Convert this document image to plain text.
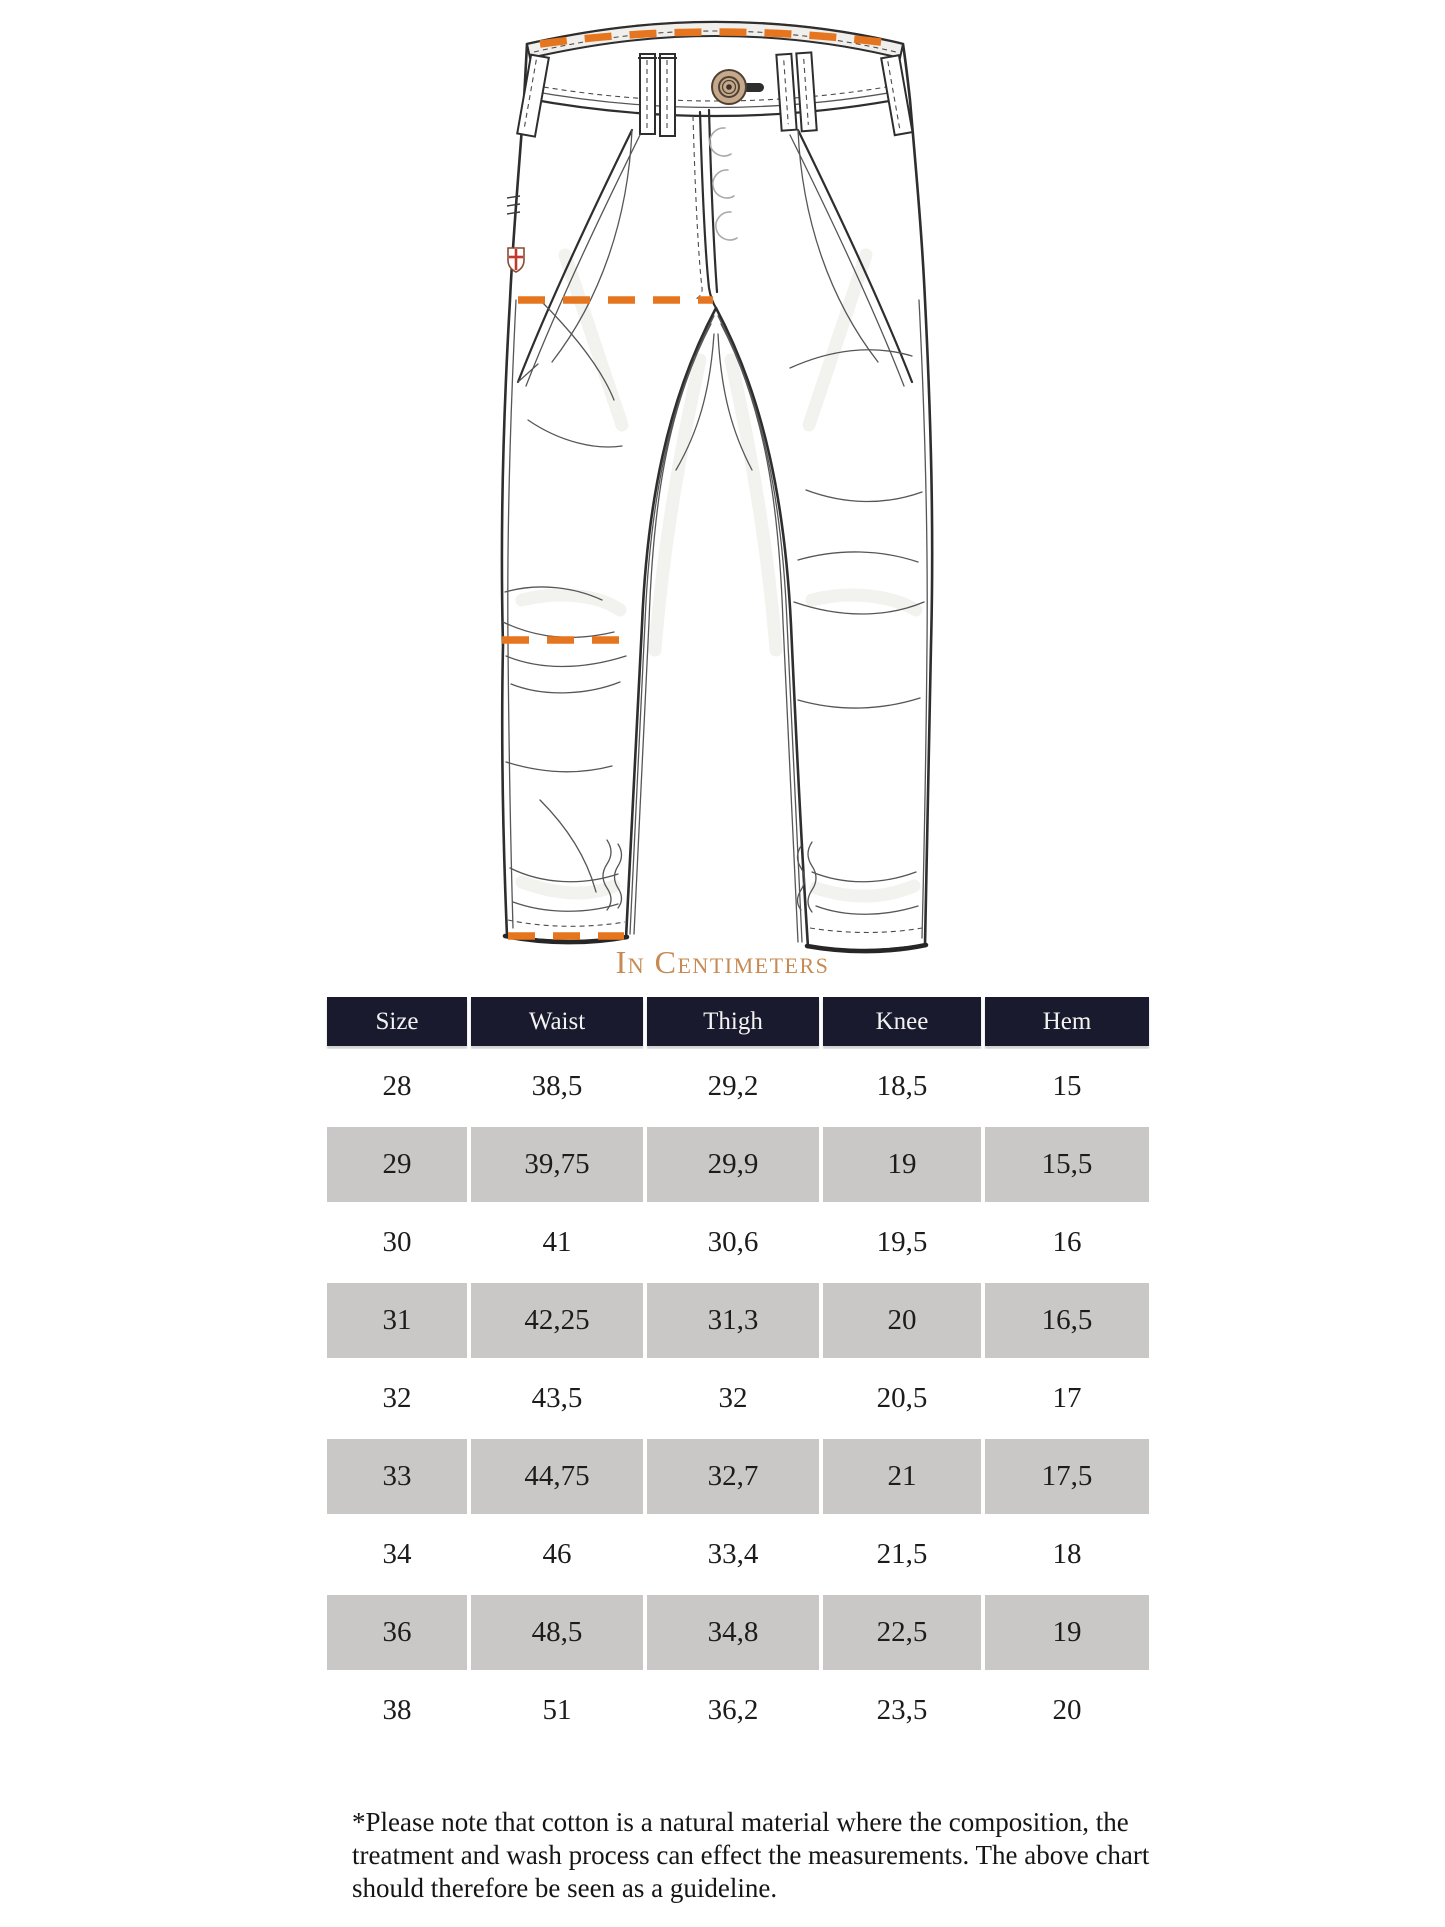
In Centimeters
Size	Waist	Thigh	Knee	Hem
28	38,5	29,2	18,5	15
29	39,75	29,9	19	15,5
30	41	30,6	19,5	16
31	42,25	31,3	20	16,5
32	43,5	32	20,5	17
33	44,75	32,7	21	17,5
34	46	33,4	21,5	18
36	48,5	34,8	22,5	19
38	51	36,2	23,5	20
*Please note that cotton is a natural material where the composition, the
treatment and wash process can effect the measurements. The above chart
should therefore be seen as a guideline.
